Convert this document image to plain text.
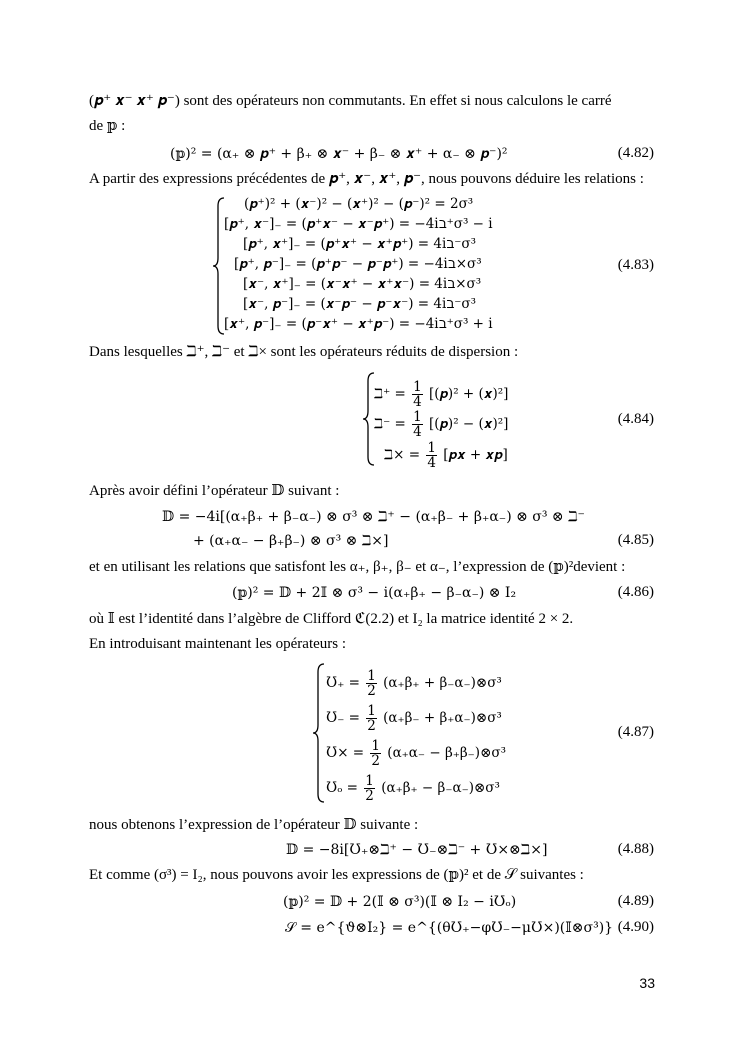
(𝒑⁺ 𝒙⁻ 𝒙⁺ 𝒑⁻) sont des opérateurs non commutants. En effet si nous calculons le carré
de 𝕡 :
(𝕡)² = (α₊ ⊗ 𝒑⁺ + β₊ ⊗ 𝒙⁻ + β₋ ⊗ 𝒙⁺ + α₋ ⊗ 𝒑⁻)²	(4.82)
A partir des expressions précédentes de 𝒑⁺, 𝒙⁻, 𝒙⁺, 𝒑⁻, nous pouvons déduire les relations :
(𝒑⁺)² + (𝒙⁻)² − (𝒙⁺)² − (𝒑⁻)² = 2σ³
[𝒑⁺, 𝒙⁻]₋ = (𝒑⁺𝒙⁻ − 𝒙⁻𝒑⁺) = −4iℶ⁺σ³ − i
[𝒑⁺, 𝒙⁺]₋ = (𝒑⁺𝒙⁺ − 𝒙⁺𝒑⁺) = 4iℶ⁻σ³
[𝒑⁺, 𝒑⁻]₋ = (𝒑⁺𝒑⁻ − 𝒑⁻𝒑⁺) = −4iℶ×σ³
[𝒙⁻, 𝒙⁺]₋ = (𝒙⁻𝒙⁺ − 𝒙⁺𝒙⁻) = 4iℶ×σ³
[𝒙⁻, 𝒑⁻]₋ = (𝒙⁻𝒑⁻ − 𝒑⁻𝒙⁻) = 4iℶ⁻σ³
[𝒙⁺, 𝒑⁻]₋ = (𝒑⁻𝒙⁺ − 𝒙⁺𝒑⁻) = −4iℶ⁺σ³ + i
(4.83)
Dans lesquelles ℶ⁺, ℶ⁻ et ℶ× sont les opérateurs réduits de dispersion :
ℶ⁺ = $\frac{1}{4}$ [(𝒑)² + (𝒙)²]
ℶ⁻ = $\frac{1}{4}$ [(𝒑)² − (𝒙)²]
ℶ× = $\frac{1}{4}$ [𝒑𝒙 + 𝒙𝒑]
(4.84)
Après avoir défini l’opérateur 𝔻 suivant :
𝔻 = −4i[(α₊β₊ + β₋α₋) ⊗ σ³ ⊗ ℶ⁺ − (α₊β₋ + β₊α₋) ⊗ σ³ ⊗ ℶ⁻
+ (α₊α₋ − β₊β₋) ⊗ σ³ ⊗ ℶ×]	(4.85)
et en utilisant les relations que satisfont les α₊, β₊, β₋ et α₋, l’expression de (𝕡)²devient :
(𝕡)² = 𝔻 + 2𝕀 ⊗ σ³ − i(α₊β₊ − β₋α₋) ⊗ I₂	(4.86)
où 𝕀 est l’identité dans l’algèbre de Clifford ℭ(2.2) et I₂ la matrice identité 2 × 2.
En introduisant maintenant les opérateurs :
Ʊ₊ = $\frac{1}{2} (\alpha_+\beta_+$ + β₋α₋)⊗σ³
Ʊ₋ = $\frac{1}{2} (\alpha_+\beta_-$ + β₊α₋)⊗σ³
Ʊ× = $\frac{1}{2} (\alpha_+\alpha_-$ − β₊β₋)⊗σ³
Ʊₒ = $\frac{1}{2} (\alpha_+\beta_+$ − β₋α₋)⊗σ³
(4.87)
nous obtenons l’expression de l’opérateur 𝔻 suivante :
𝔻 = −8i[Ʊ₊⊗ℶ⁺ − Ʊ₋⊗ℶ⁻ + Ʊ×⊗ℶ×]	(4.88)
Et comme (σ³) = I₂, nous pouvons avoir les expressions de (𝕡)² et de 𝒮 suivantes :
(𝕡)² = 𝔻 + 2(𝕀 ⊗ σ³)(𝕀 ⊗ I₂ − iƱₒ)	(4.89)
𝒮 = e^{ϑ⊗I₂} = e^{(θƱ₊−φƱ₋−μƱ×)(𝕀⊗σ³)} (4.90)
33
